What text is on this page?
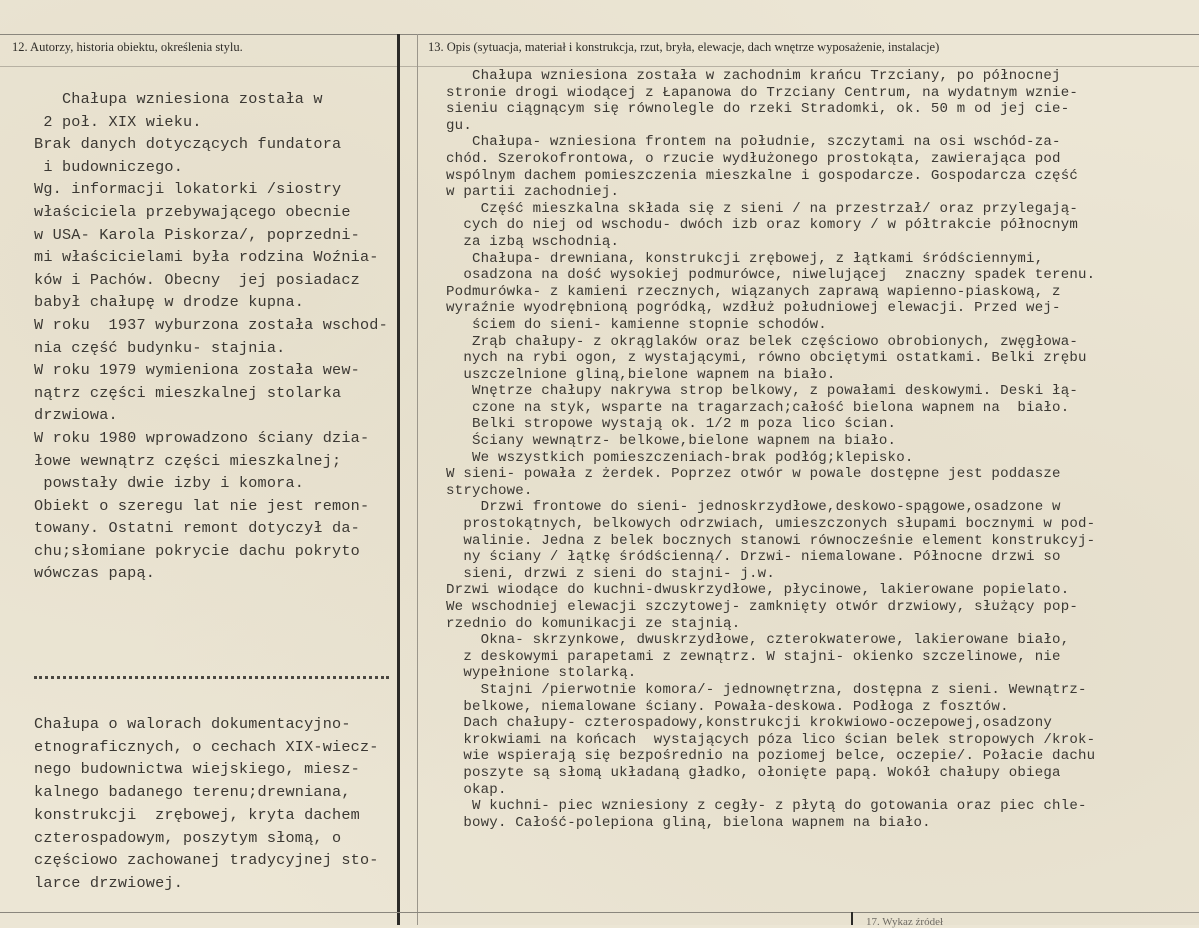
12. Autorzy, historia obiektu, określenia stylu.	13. Opis (sytuacja, materiał i konstrukcja, rzut, bryła, elewacje, dach wnętrze wyposażenie, instalacje)
Chałupa wzniesiona została w
2 poł. XIX wieku.
Brak danych dotyczących fundatora
i budowniczego.
Wg. informacji lokatorki /siostry
właściciela przebywającego obecnie
w USA- Karola Piskorza/, poprzedni-
mi właścicielami była rodzina Woźnia-
ków i Pachów. Obecny  jej posiadacz
babył chałupę w drodze kupna.
W roku  1937 wyburzona została wschod-
nia część budynku- stajnia.
W roku 1979 wymieniona została wew-
nątrz części mieszkalnej stolarka
drzwiowa.
W roku 1980 wprowadzono ściany dzia-
łowe wewnątrz części mieszkalnej;
powstały dwie izby i komora.
Obiekt o szeregu lat nie jest remon-
towany. Ostatni remont dotyczył da-
chu;słomiane pokrycie dachu pokryto
wówczas papą.
Chałupa o walorach dokumentacyjno-
etnograficznych, o cechach XIX-wiecz-
nego budownictwa wiejskiego, miesz-
kalnego badanego terenu;drewniana,
konstrukcji  zrębowej, kryta dachem
czterospadowym, poszytym słomą, o
częściowo zachowanej tradycyjnej sto-
larce drzwiowej.
Chałupa wzniesiona została w zachodnim krańcu Trzciany, po północnej
stronie drogi wiodącej z Łapanowa do Trzciany Centrum, na wydatnym wznie-
sieniu ciągnącym się równolegle do rzeki Stradomki, ok. 50 m od jej cie-
gu.
Chałupa- wzniesiona frontem na południe, szczytami na osi wschód-za-
chód. Szerokofrontowa, o rzucie wydłużonego prostokąta, zawierająca pod
wspólnym dachem pomieszczenia mieszkalne i gospodarcze. Gospodarcza część
w partii zachodniej.
Część mieszkalna składa się z sieni / na przestrzał/ oraz przylegają-
cych do niej od wschodu- dwóch izb oraz komory / w półtrakcie północnym
za izbą wschodnią.
Chałupa- drewniana, konstrukcji zrębowej, z łątkami śródściennymi,
osadzona na dość wysokiej podmurówce, niwelującej  znaczny spadek terenu.
Podmurówka- z kamieni rzecznych, wiązanych zaprawą wapienno-piaskową, z
wyraźnie wyodrębnioną pogródką, wzdłuż południowej elewacji. Przed wej-
ściem do sieni- kamienne stopnie schodów.
Zrąb chałupy- z okrąglaków oraz belek częściowo obrobionych, zwęgłowa-
nych na rybi ogon, z wystającymi, równo obciętymi ostatkami. Belki zrębu
uszczelnione gliną,bielone wapnem na biało.
Wnętrze chałupy nakrywa strop belkowy, z powałami deskowymi. Deski łą-
czone na styk, wsparte na tragarzach;całość bielona wapnem na  biało.
Belki stropowe wystają ok. 1/2 m poza lico ścian.
Ściany wewnątrz- belkowe,bielone wapnem na biało.
We wszystkich pomieszczeniach-brak podłóg;klepisko.
W sieni- powała z żerdek. Poprzez otwór w powale dostępne jest poddasze
strychowe.
Drzwi frontowe do sieni- jednoskrzydłowe,deskowo-spągowe,osadzone w
prostokątnych, belkowych odrzwiach, umieszczonych słupami bocznymi w pod-
walinie. Jedna z belek bocznych stanowi równocześnie element konstrukcyj-
ny ściany / łątkę śródścienną/. Drzwi- niemalowane. Północne drzwi so
sieni, drzwi z sieni do stajni- j.w.
Drzwi wiodące do kuchni-dwuskrzydłowe, płycinowe, lakierowane popielato.
We wschodniej elewacji szczytowej- zamknięty otwór drzwiowy, służący pop-
rzednio do komunikacji ze stajnią.
Okna- skrzynkowe, dwuskrzydłowe, czterokwaterowe, lakierowane biało,
z deskowymi parapetami z zewnątrz. W stajni- okienko szczelinowe, nie
wypełnione stolarką.
Stajni /pierwotnie komora/- jednownętrzna, dostępna z sieni. Wewnątrz-
belkowe, niemalowane ściany. Powała-deskowa. Podłoga z fosztów.
Dach chałupy- czterospadowy,konstrukcji krokwiowo-oczepowej,osadzony
krokwiami na końcach  wystających póza lico ścian belek stropowych /krok-
wie wspierają się bezpośrednio na poziomej belce, oczepie/. Połacie dachu
poszyte są słomą układaną gładko, ołonięte papą. Wokół chałupy obiega
okap.
W kuchni- piec wzniesiony z cegły- z płytą do gotowania oraz piec chle-
bowy. Całość-polepiona gliną, bielona wapnem na biało.
17. Wykaz źródeł
